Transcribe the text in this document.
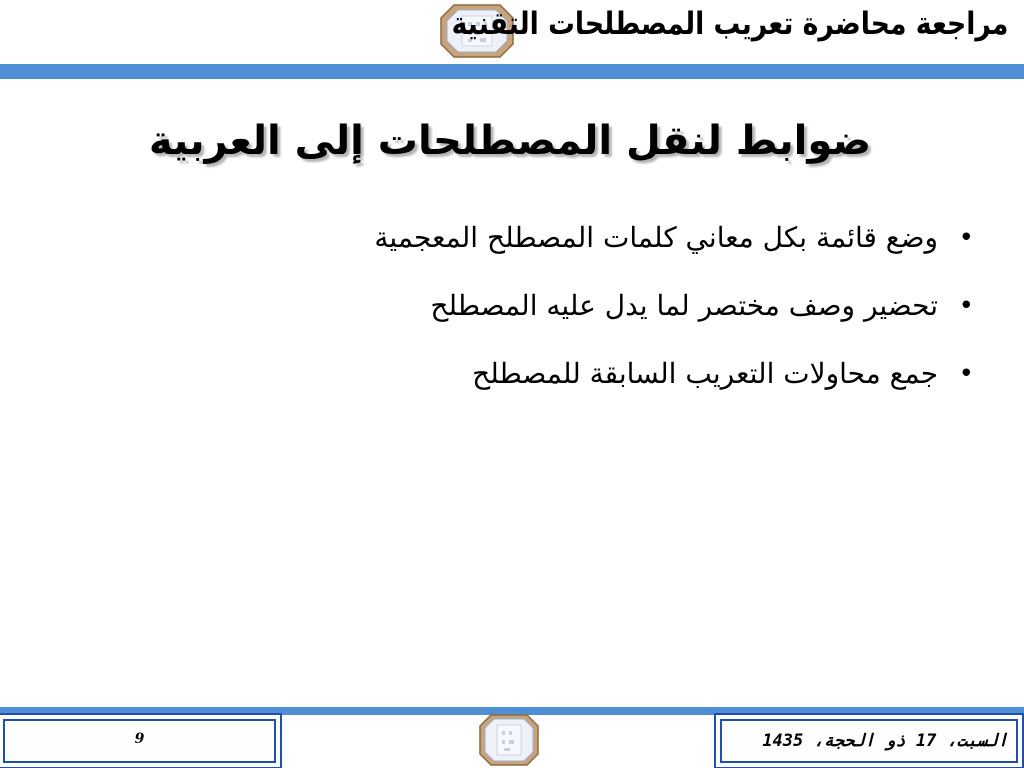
مراجعة محاضرة تعريب المصطلحات التقنية
ضوابط لنقل المصطلحات إلى العربية
•
وضع قائمة بكل معاني كلمات المصطلح المعجمية
•
تحضير وصف مختصر لما يدل عليه المصطلح
•
جمع محاولات التعريب السابقة للمصطلح
9	السبت، 17 ذو الحجة، 1435
